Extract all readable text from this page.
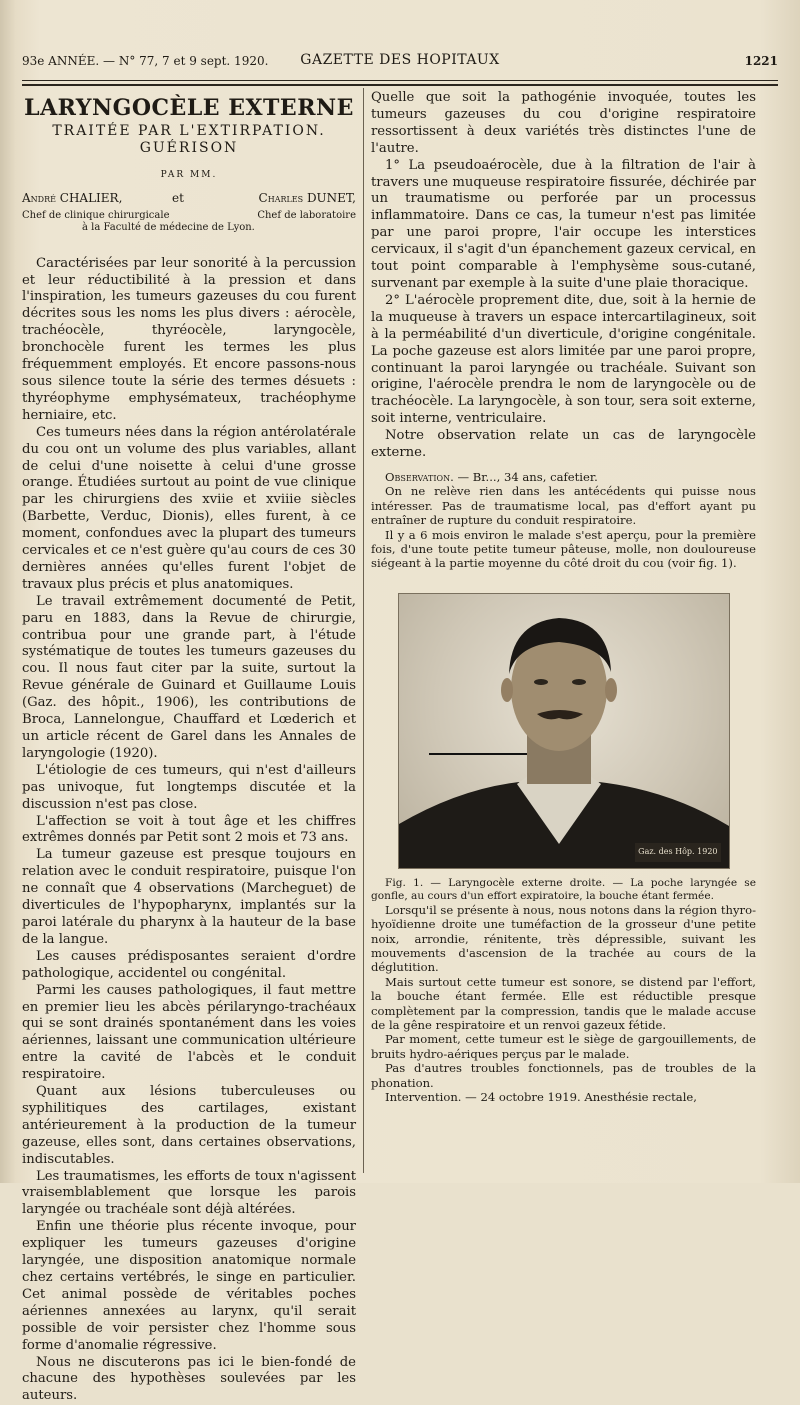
93e ANNÉE. — N° 77, 7 et 9 sept. 1920.	GAZETTE DES HOPITAUX	1221
LARYNGOCÈLE EXTERNE
TRAITÉE PAR L'EXTIRPATION. GUÉRISON
PAR MM.
André CHALIER,	et	Charles DUNET,
Chef de clinique chirurgicale	Chef de laboratoire
à la Faculté de médecine de Lyon.

Caractérisées par leur sonorité à la percussion et leur réductibilité à la pression et dans l'inspiration, les tumeurs gazeuses du cou furent décrites sous les noms les plus divers : aérocèle, trachéocèle, thyréocèle, laryngocèle, bronchocèle furent les termes les plus fréquemment employés. Et encore passons-nous sous silence toute la série des termes désuets : thyréophyme emphysémateux, trachéophyme herniaire, etc.

Ces tumeurs nées dans la région antérolatérale du cou ont un volume des plus variables, allant de celui d'une noisette à celui d'une grosse orange. Étudiées surtout au point de vue clinique par les chirurgiens des xviie et xviiie siècles (Barbette, Verduc, Dionis), elles furent, à ce moment, confondues avec la plupart des tumeurs cervicales et ce n'est guère qu'au cours de ces 30 dernières années qu'elles furent l'objet de travaux plus précis et plus anatomiques.

Le travail extrêmement documenté de Petit, paru en 1883, dans la Revue de chirurgie, contribua pour une grande part, à l'étude systématique de toutes les tumeurs gazeuses du cou. Il nous faut citer par la suite, surtout la Revue générale de Guinard et Guillaume Louis (Gaz. des hôpit., 1906), les contributions de Broca, Lannelongue, Chauffard et Lœderich et un article récent de Garel dans les Annales de laryngologie (1920).

L'étiologie de ces tumeurs, qui n'est d'ailleurs pas univoque, fut longtemps discutée et la discussion n'est pas close.

L'affection se voit à tout âge et les chiffres extrêmes donnés par Petit sont 2 mois et 73 ans.

La tumeur gazeuse est presque toujours en relation avec le conduit respiratoire, puisque l'on ne connaît que 4 observations (Marcheguet) de diverticules de l'hypopharynx, implantés sur la paroi latérale du pharynx à la hauteur de la base de la langue.

Les causes prédisposantes seraient d'ordre pathologique, accidentel ou congénital.

Parmi les causes pathologiques, il faut mettre en premier lieu les abcès périlaryngo-trachéaux qui se sont drainés spontanément dans les voies aériennes, laissant une communication ultérieure entre la cavité de l'abcès et le conduit respiratoire.

Quant aux lésions tuberculeuses ou syphilitiques des cartilages, existant antérieurement à la production de la tumeur gazeuse, elles sont, dans certaines observations, indiscutables.

Les traumatismes, les efforts de toux n'agissent vraisemblablement que lorsque les parois laryngée ou trachéale sont déjà altérées.

Enfin une théorie plus récente invoque, pour expliquer les tumeurs gazeuses d'origine laryngée, une disposition anatomique normale chez certains vertébrés, le singe en particulier. Cet animal possède de véritables poches aériennes annexées au larynx, qu'il serait possible de voir persister chez l'homme sous forme d'anomalie régressive.

Nous ne discuterons pas ici le bien-fondé de chacune des hypothèses soulevées par les auteurs.

Quelle que soit la pathogénie invoquée, toutes les tumeurs gazeuses du cou d'origine respiratoire ressortissent à deux variétés très distinctes l'une de l'autre.

1° La pseudoaérocèle, due à la filtration de l'air à travers une muqueuse respiratoire fissurée, déchirée par un traumatisme ou perforée par un processus inflammatoire. Dans ce cas, la tumeur n'est pas limitée par une paroi propre, l'air occupe les interstices cervicaux, il s'agit d'un épanchement gazeux cervical, en tout point comparable à l'emphysème sous-cutané, survenant par exemple à la suite d'une plaie thoracique.

2° L'aérocèle proprement dite, due, soit à la hernie de la muqueuse à travers un espace intercartilagineux, soit à la perméabilité d'un diverticule, d'origine congénitale. La poche gazeuse est alors limitée par une paroi propre, continuant la paroi laryngée ou trachéale. Suivant son origine, l'aérocèle prendra le nom de laryngocèle ou de trachéocèle. La laryngocèle, à son tour, sera soit externe, soit interne, ventriculaire.

Notre observation relate un cas de laryngocèle externe.

Observation. — Br..., 34 ans, cafetier.

On ne relève rien dans les antécédents qui puisse nous intéresser. Pas de traumatisme local, pas d'effort ayant pu entraîner de rupture du conduit respiratoire.

Il y a 6 mois environ le malade s'est aperçu, pour la première fois, d'une toute petite tumeur pâteuse, molle, non douloureuse siégeant à la partie moyenne du côté droit du cou (voir fig. 1).

Gaz. des Hôp. 1920

Fig. 1. — Laryngocèle externe droite. — La poche laryngée se gonfle, au cours d'un effort expiratoire, la bouche étant fermée.

Lorsqu'il se présente à nous, nous notons dans la région thyro-hyoïdienne droite une tuméfaction de la grosseur d'une petite noix, arrondie, rénitente, très dépressible, suivant les mouvements d'ascension de la trachée au cours de la déglutition.

Mais surtout cette tumeur est sonore, se distend par l'effort, la bouche étant fermée. Elle est réductible presque complètement par la compression, tandis que le malade accuse de la gêne respiratoire et un renvoi gazeux fétide.

Par moment, cette tumeur est le siège de gargouillements, de bruits hydro-aériques perçus par le malade.

Pas d'autres troubles fonctionnels, pas de troubles de la phonation.

Intervention. — 24 octobre 1919. Anesthésie rectale,
